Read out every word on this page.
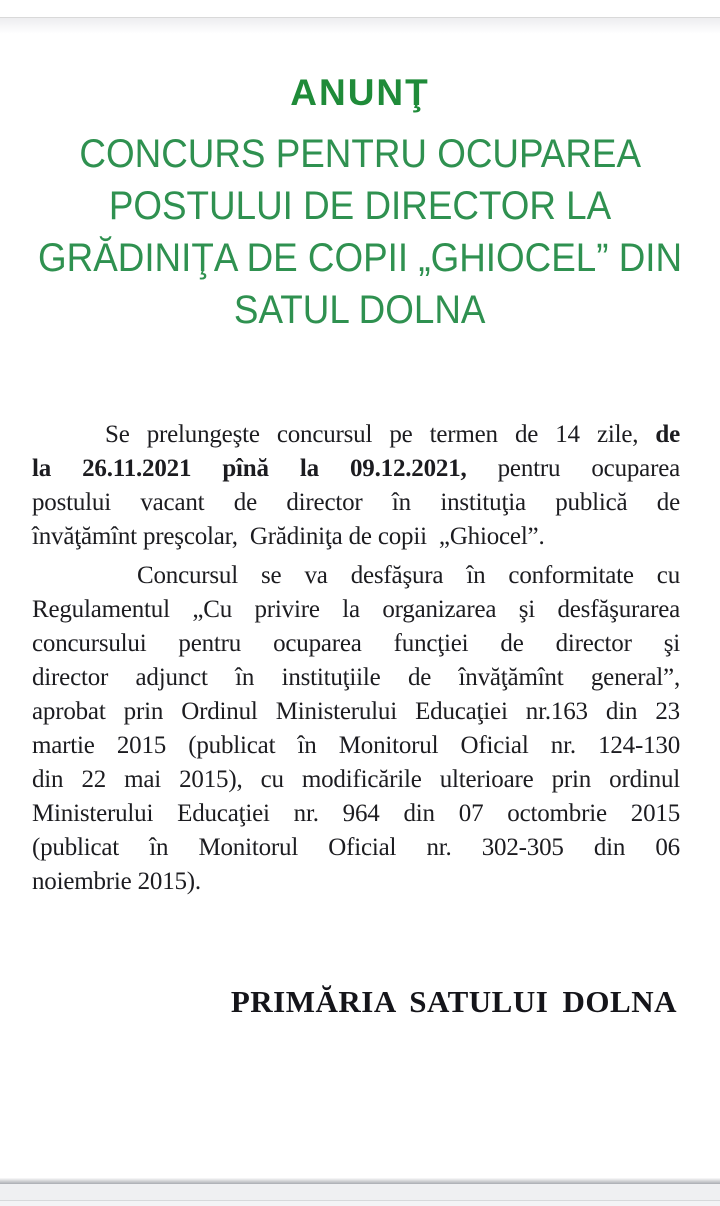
ANUNŢ
CONCURS PENTRU OCUPAREA
POSTULUI DE DIRECTOR LA
GRĂDINIŢA DE COPII „GHIOCEL” DIN
SATUL DOLNA
Se prelungeşte concursul pe termen de 14 zile, de
la 26.11.2021 pînă la 09.12.2021, pentru ocuparea
postului vacant de director în instituţia publică de
învăţămînt preşcolar,  Grădiniţa de copii  „Ghiocel”.
Concursul se va desfăşura în conformitate cu
Regulamentul „Cu privire la organizarea şi desfăşurarea
concursului pentru ocuparea funcţiei de director şi
director adjunct în instituţiile de învăţămînt general”,
aprobat prin Ordinul Ministerului Educaţiei nr.163 din 23
martie 2015 (publicat în Monitorul Oficial nr. 124-130
din 22 mai 2015), cu modificările ulterioare prin ordinul
Ministerului Educaţiei nr. 964 din 07 octombrie 2015
(publicat în Monitorul Oficial nr. 302-305 din 06
noiembrie 2015).

PRIMĂRIA SATULUI DOLNA
